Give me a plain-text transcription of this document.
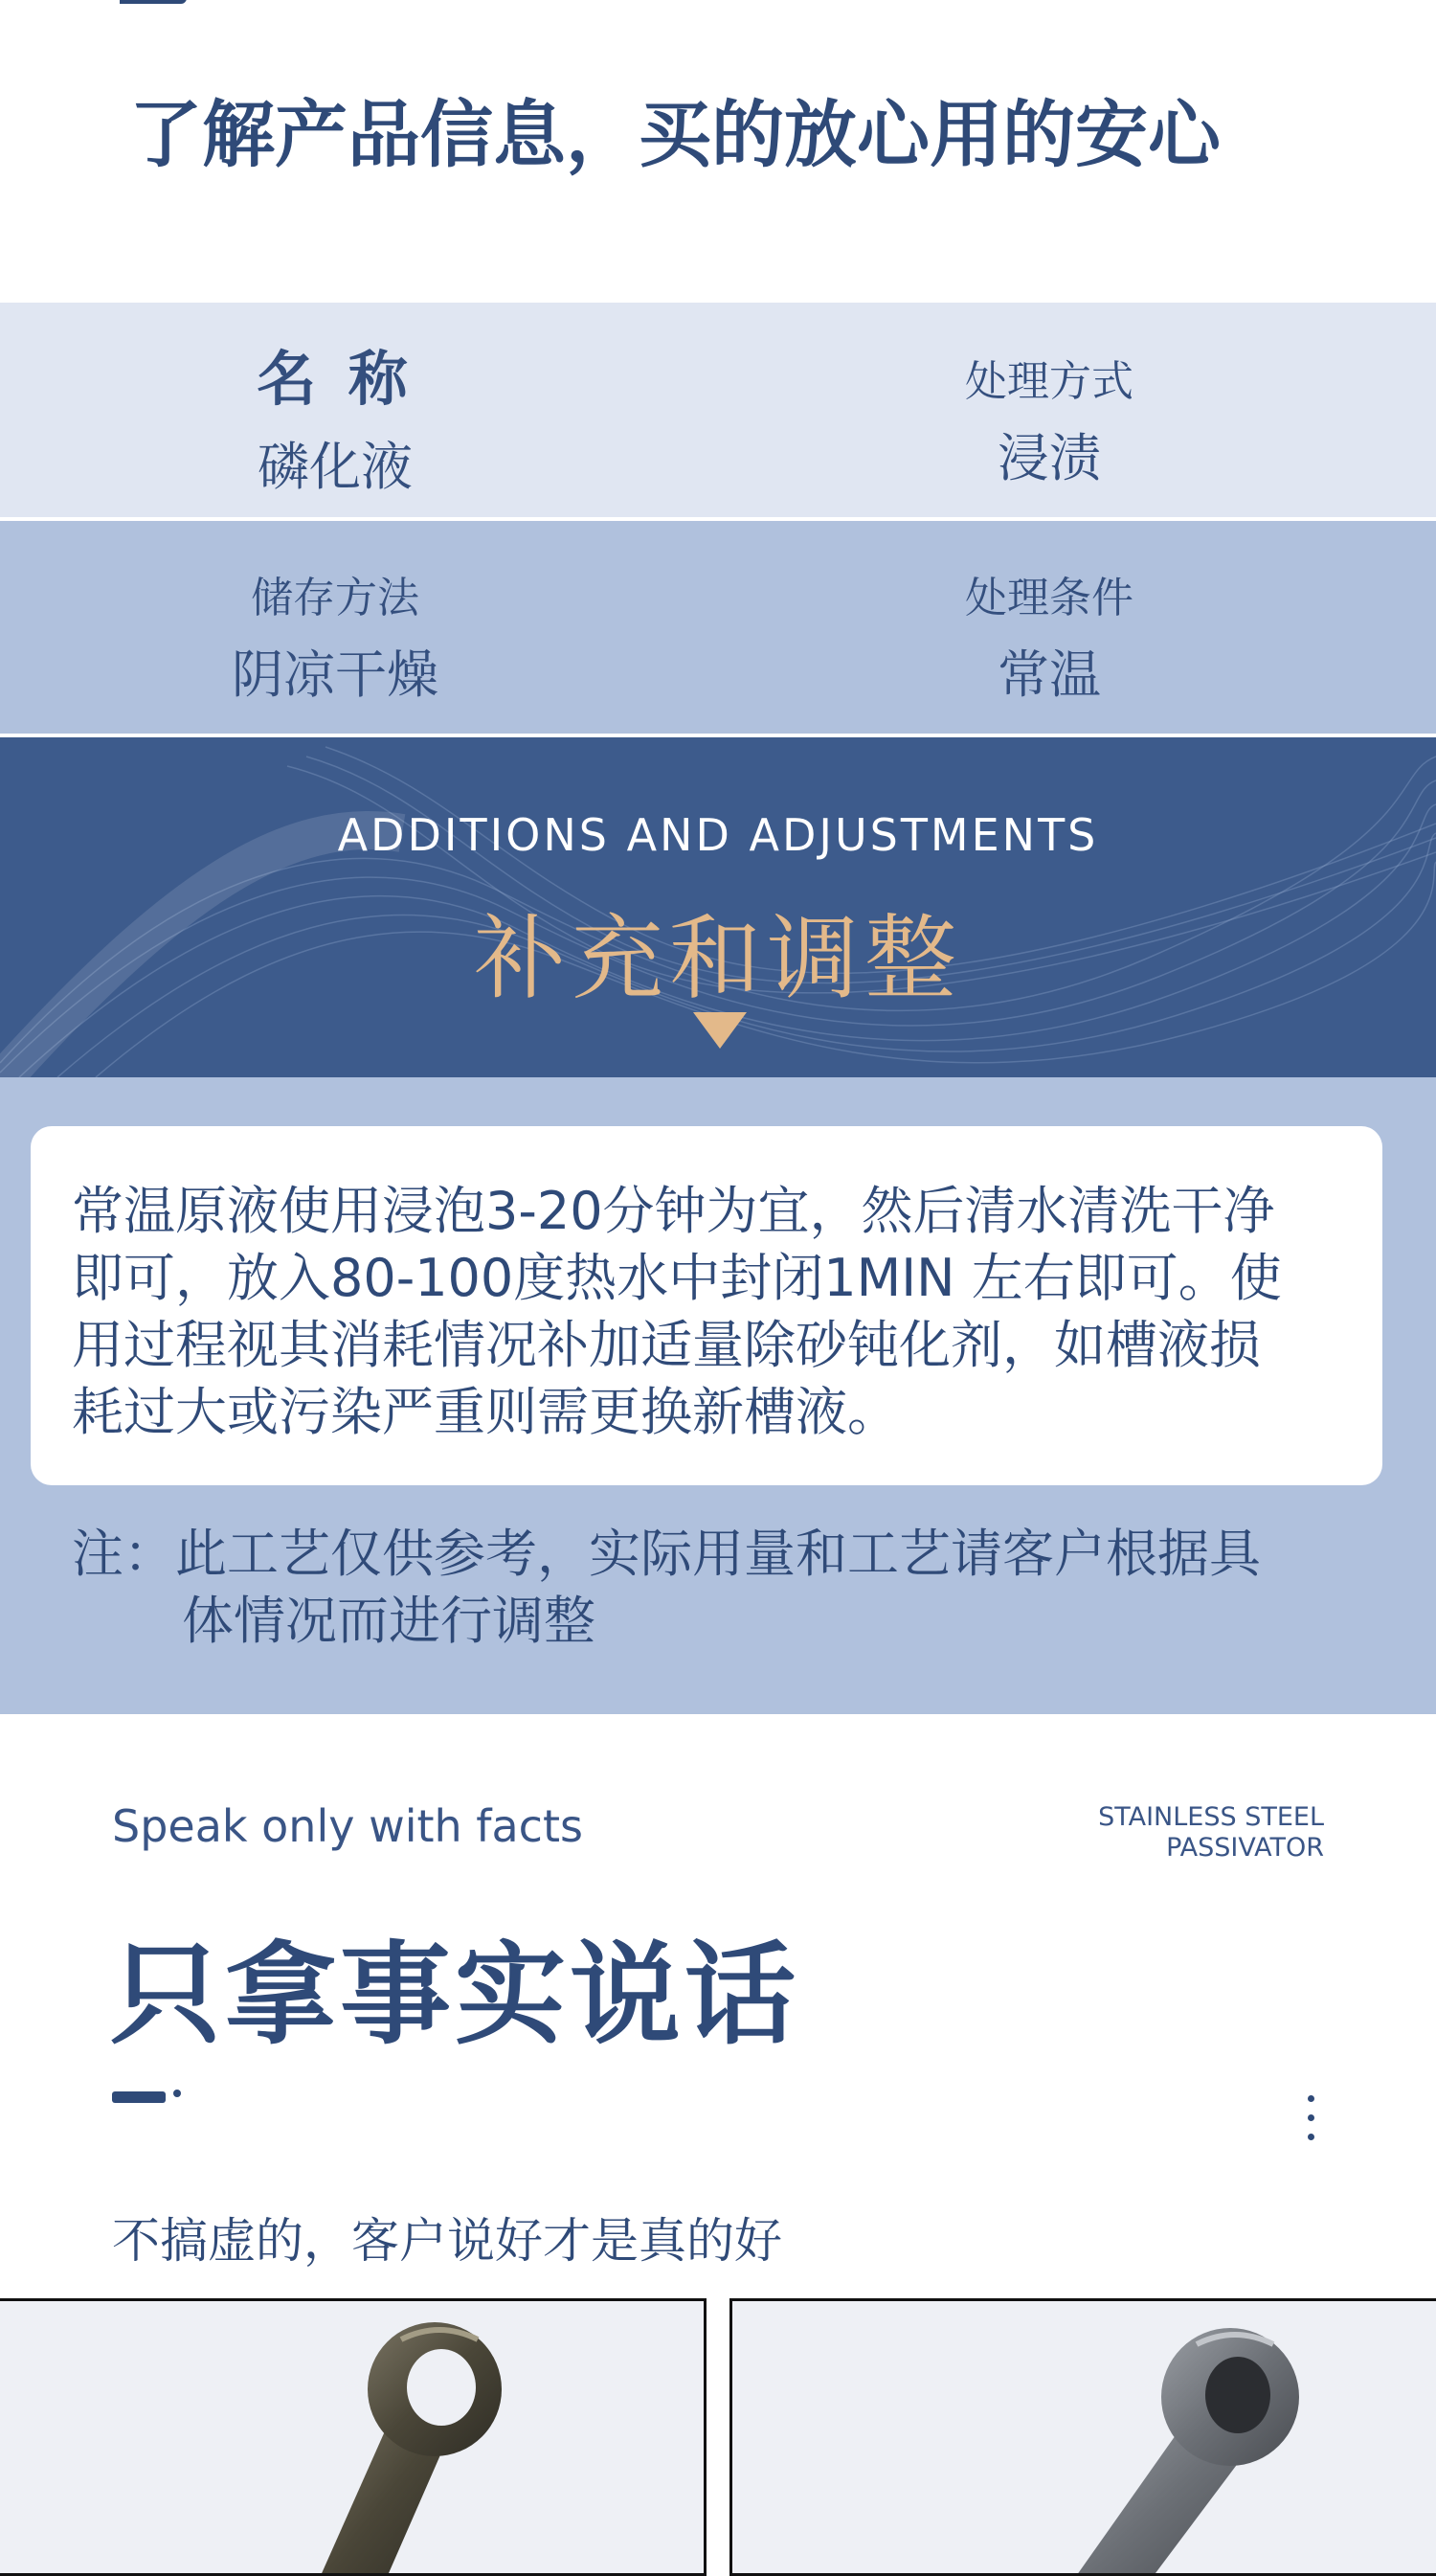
了解产品信息，买的放心用的安心
名 称
磷化液
处理方式
浸渍
储存方法
阴凉干燥
处理条件
常温
ADDITIONS AND ADJUSTMENTS
补充和调整
常温原液使用浸泡3-20分钟为宜，然后清水清洗干净
即可，放入80-100度热水中封闭1MIN 左右即可。使
用过程视其消耗情况补加适量除砂钝化剂，如槽液损
耗过大或污染严重则需更换新槽液。
注：此工艺仅供参考，实际用量和工艺请客户根据具
体情况而进行调整
Speak only with facts	STAINLESS STEEL
PASSIVATOR
只拿事实说话
不搞虚的，客户说好才是真的好
